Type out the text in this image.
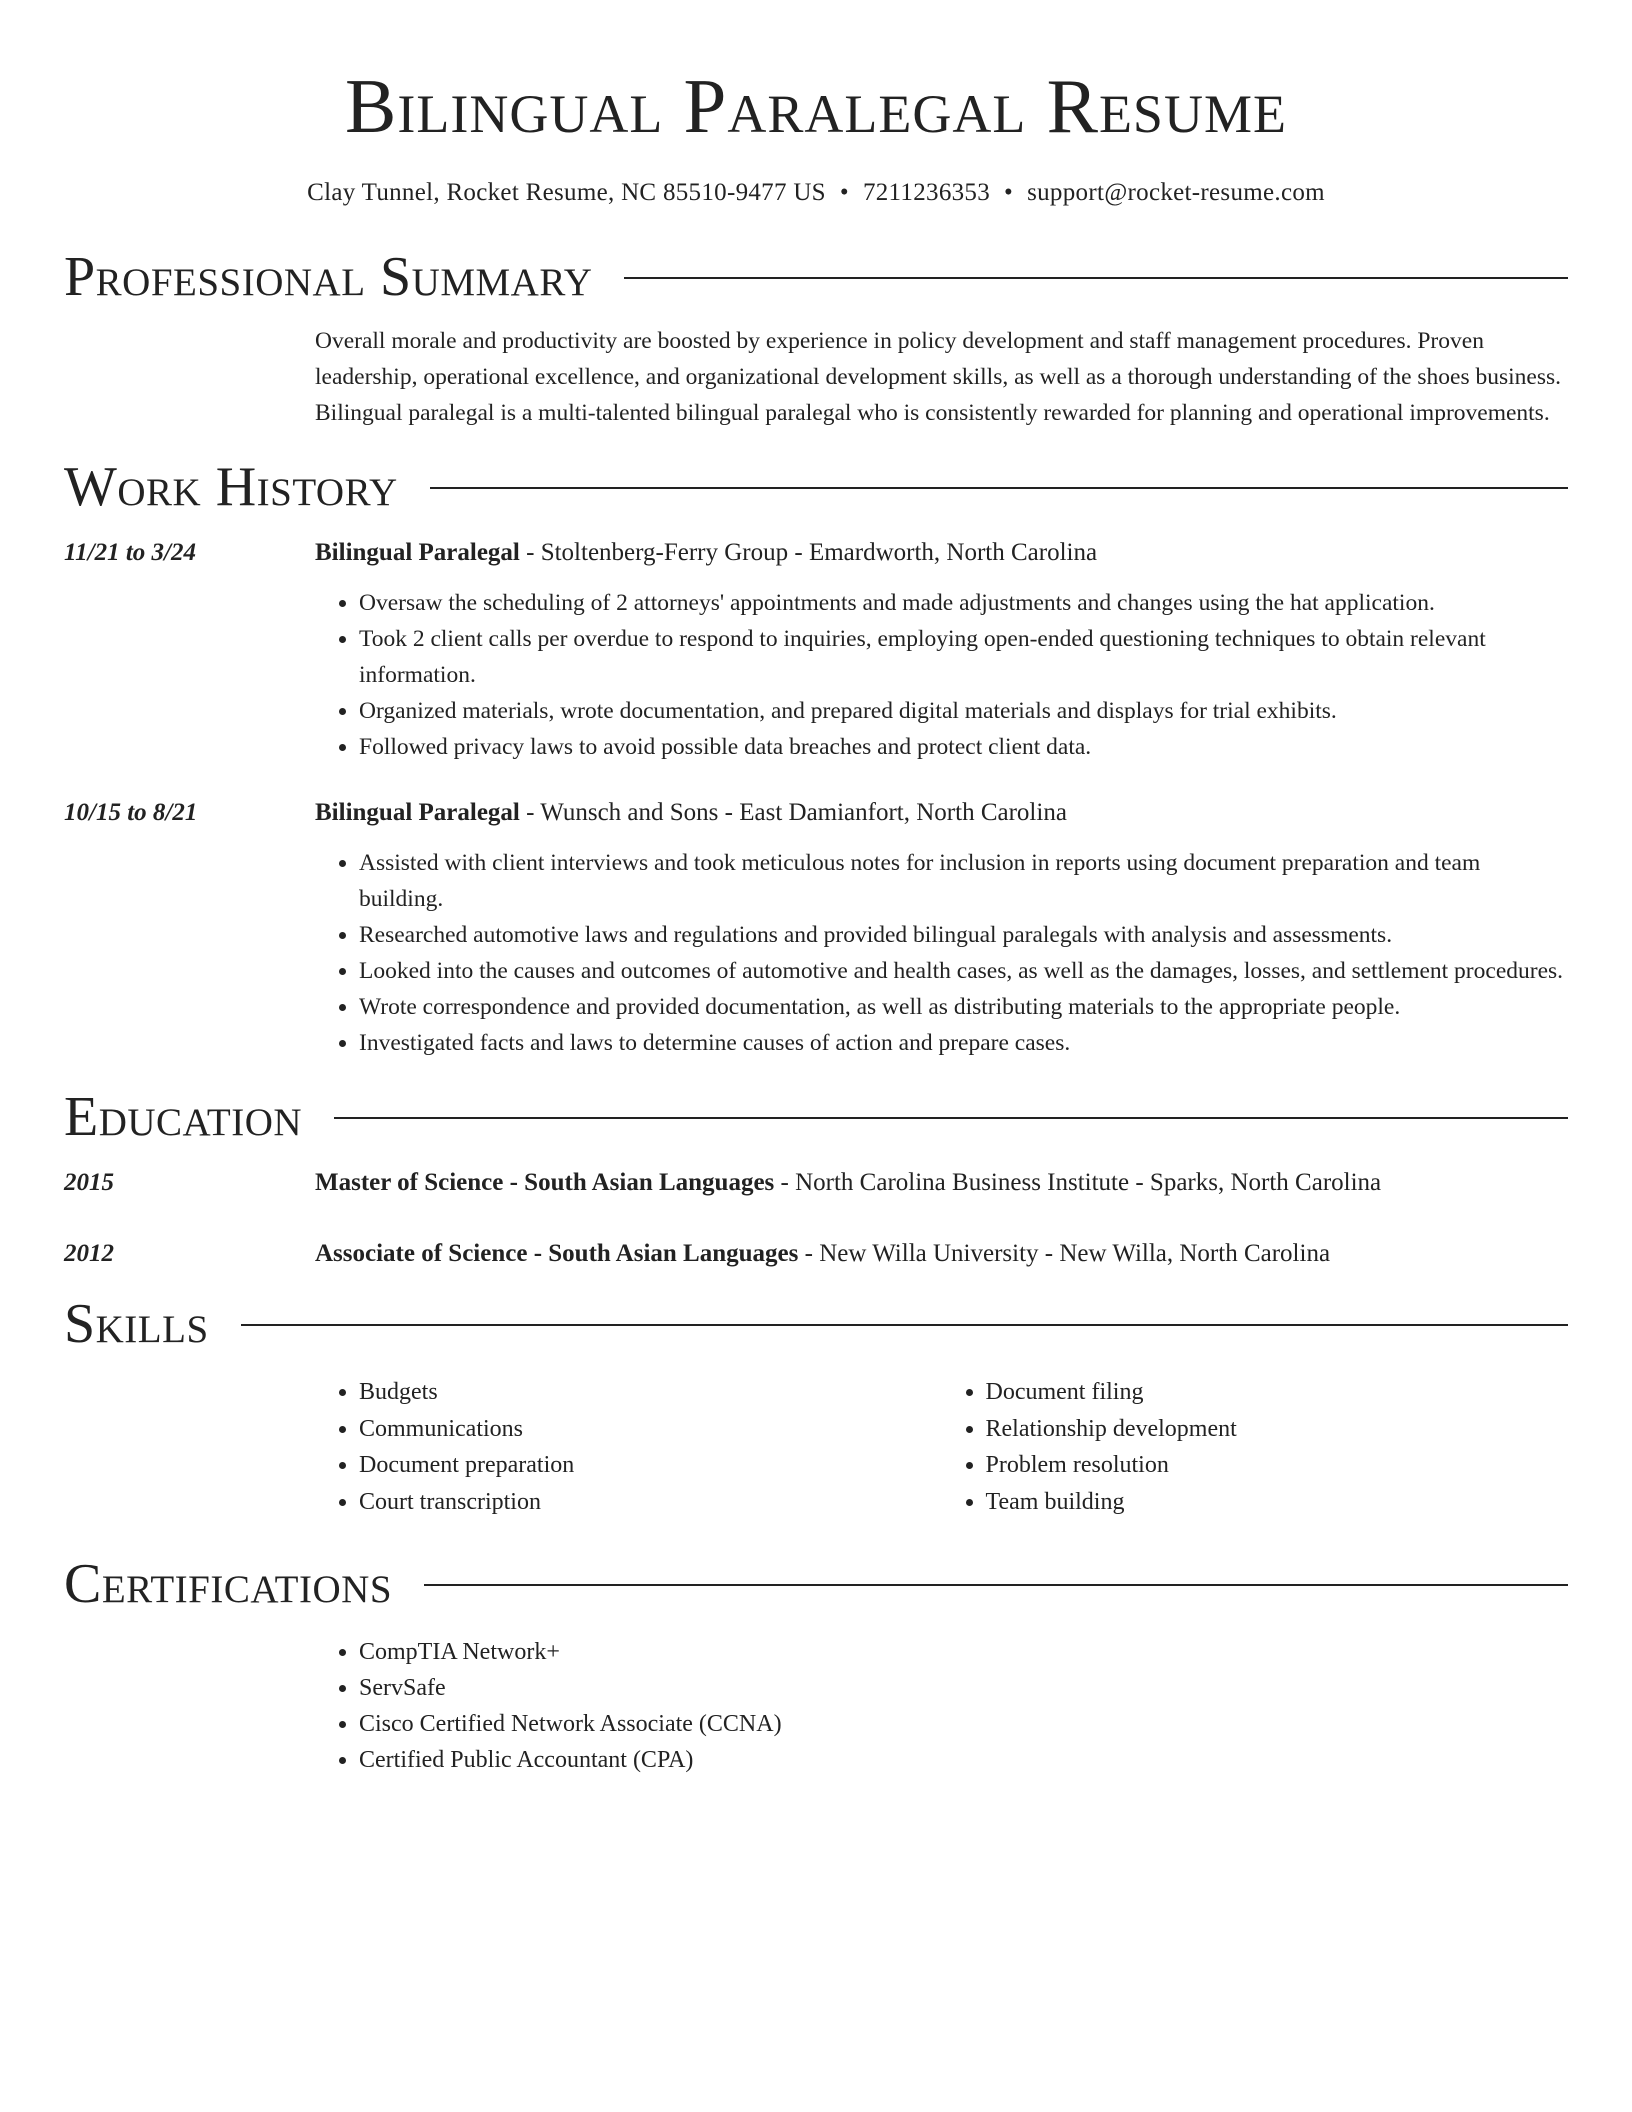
Bilingual Paralegal Resume
Clay Tunnel, Rocket Resume, NC 85510-9477 US • 7211236353 • support@rocket-resume.com
Professional Summary
Overall morale and productivity are boosted by experience in policy development and staff management procedures. Proven leadership, operational excellence, and organizational development skills, as well as a thorough understanding of the shoes business. Bilingual paralegal is a multi-talented bilingual paralegal who is consistently rewarded for planning and operational improvements.
Work History
11/21 to 3/24	Bilingual Paralegal - Stoltenberg-Ferry Group - Emardworth, North Carolina
• Oversaw the scheduling of 2 attorneys' appointments and made adjustments and changes using the hat application.
• Took 2 client calls per overdue to respond to inquiries, employing open-ended questioning techniques to obtain relevant information.
• Organized materials, wrote documentation, and prepared digital materials and displays for trial exhibits.
• Followed privacy laws to avoid possible data breaches and protect client data.
10/15 to 8/21	Bilingual Paralegal - Wunsch and Sons - East Damianfort, North Carolina
• Assisted with client interviews and took meticulous notes for inclusion in reports using document preparation and team building.
• Researched automotive laws and regulations and provided bilingual paralegals with analysis and assessments.
• Looked into the causes and outcomes of automotive and health cases, as well as the damages, losses, and settlement procedures.
• Wrote correspondence and provided documentation, as well as distributing materials to the appropriate people.
• Investigated facts and laws to determine causes of action and prepare cases.
Education
2015	Master of Science - South Asian Languages - North Carolina Business Institute - Sparks, North Carolina
2012	Associate of Science - South Asian Languages - New Willa University - New Willa, North Carolina
Skills
• Budgets
• Communications
• Document preparation
• Court transcription
• Document filing
• Relationship development
• Problem resolution
• Team building
Certifications
• CompTIA Network+
• ServSafe
• Cisco Certified Network Associate (CCNA)
• Certified Public Accountant (CPA)
